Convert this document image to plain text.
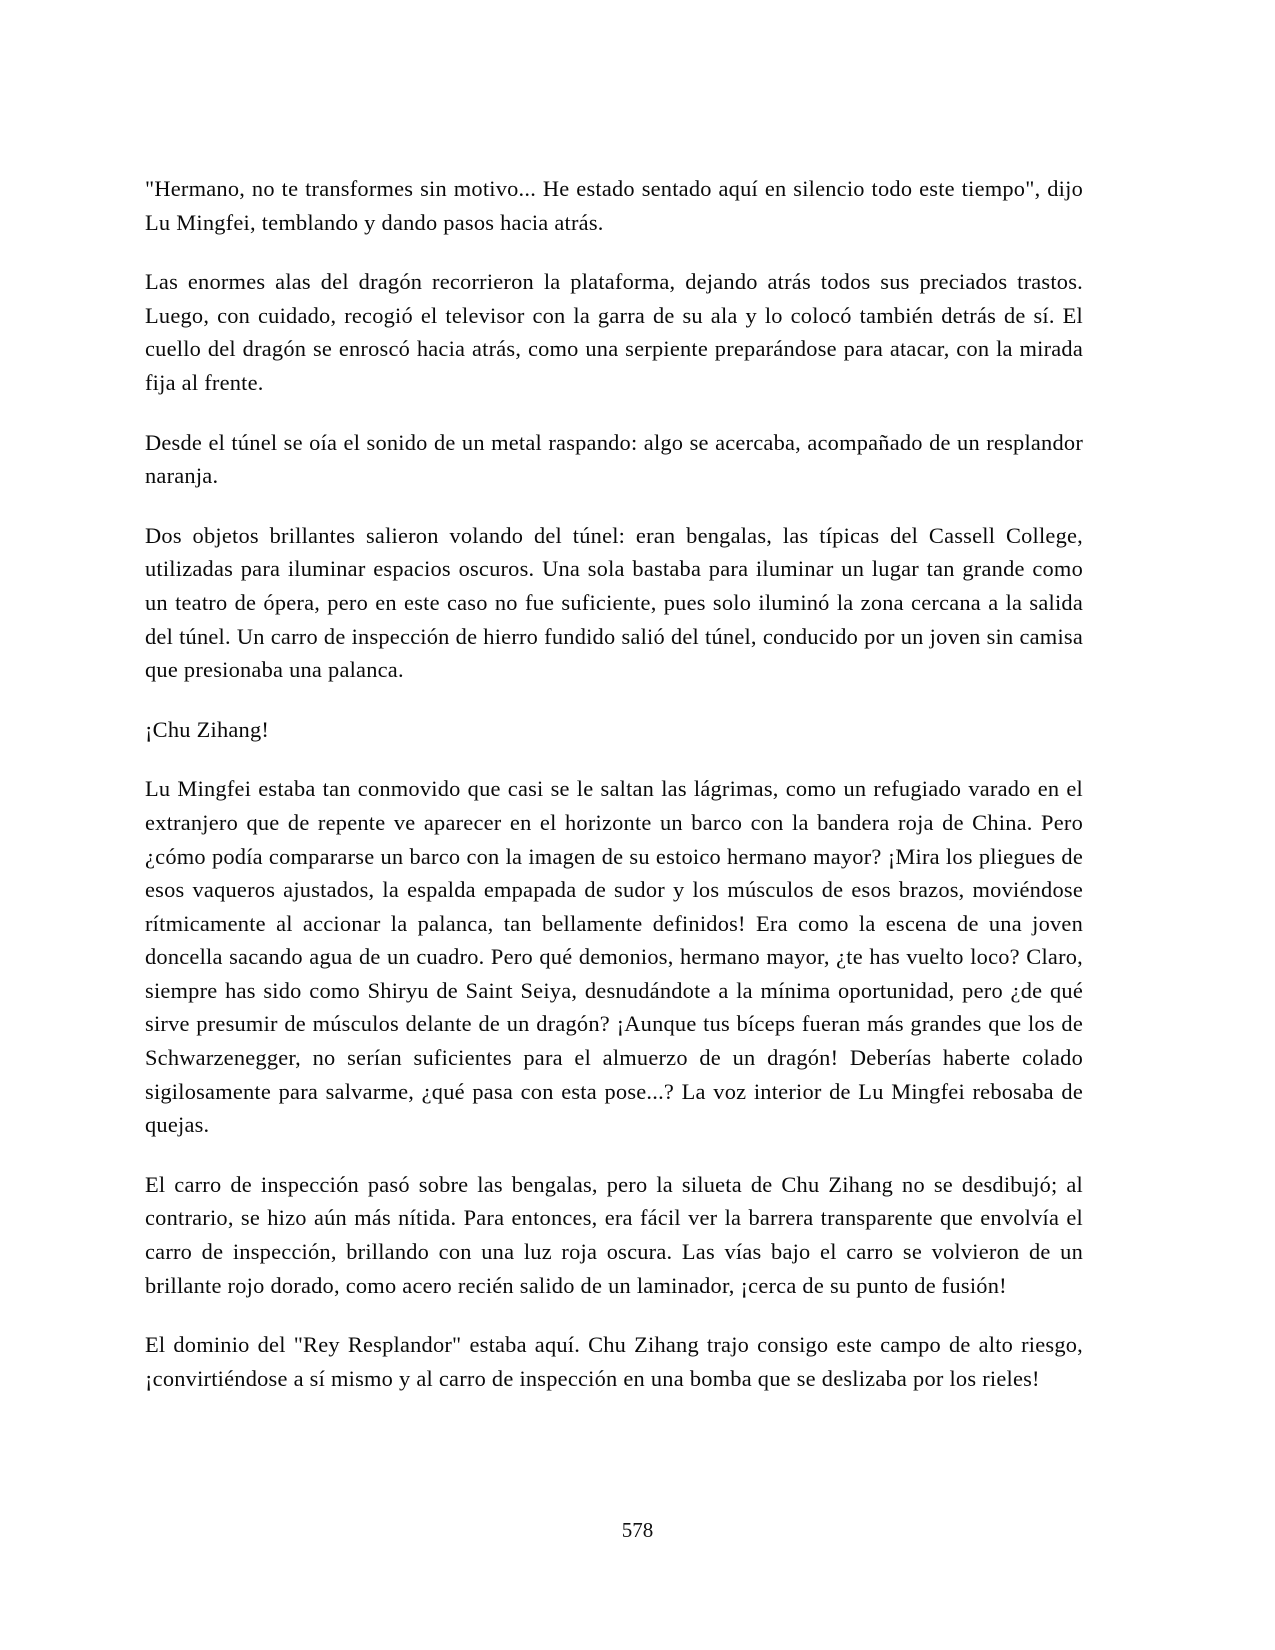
"Hermano, no te transformes sin motivo... He estado sentado aquí en silencio todo este tiempo", dijo Lu Mingfei, temblando y dando pasos hacia atrás.

Las enormes alas del dragón recorrieron la plataforma, dejando atrás todos sus preciados trastos. Luego, con cuidado, recogió el televisor con la garra de su ala y lo colocó también detrás de sí. El cuello del dragón se enroscó hacia atrás, como una serpiente preparándose para atacar, con la mirada fija al frente.

Desde el túnel se oía el sonido de un metal raspando: algo se acercaba, acompañado de un resplandor naranja.

Dos objetos brillantes salieron volando del túnel: eran bengalas, las típicas del Cassell College, utilizadas para iluminar espacios oscuros. Una sola bastaba para iluminar un lugar tan grande como un teatro de ópera, pero en este caso no fue suficiente, pues solo iluminó la zona cercana a la salida del túnel. Un carro de inspección de hierro fundido salió del túnel, conducido por un joven sin camisa que presionaba una palanca.

¡Chu Zihang!

Lu Mingfei estaba tan conmovido que casi se le saltan las lágrimas, como un refugiado varado en el extranjero que de repente ve aparecer en el horizonte un barco con la bandera roja de China. Pero ¿cómo podía compararse un barco con la imagen de su estoico hermano mayor? ¡Mira los pliegues de esos vaqueros ajustados, la espalda empapada de sudor y los músculos de esos brazos, moviéndose rítmicamente al accionar la palanca, tan bellamente definidos! Era como la escena de una joven doncella sacando agua de un cuadro. Pero qué demonios, hermano mayor, ¿te has vuelto loco? Claro, siempre has sido como Shiryu de Saint Seiya, desnudándote a la mínima oportunidad, pero ¿de qué sirve presumir de músculos delante de un dragón? ¡Aunque tus bíceps fueran más grandes que los de Schwarzenegger, no serían suficientes para el almuerzo de un dragón! Deberías haberte colado sigilosamente para salvarme, ¿qué pasa con esta pose...? La voz interior de Lu Mingfei rebosaba de quejas.

El carro de inspección pasó sobre las bengalas, pero la silueta de Chu Zihang no se desdibujó; al contrario, se hizo aún más nítida. Para entonces, era fácil ver la barrera transparente que envolvía el carro de inspección, brillando con una luz roja oscura. Las vías bajo el carro se volvieron de un brillante rojo dorado, como acero recién salido de un laminador, ¡cerca de su punto de fusión!

El dominio del "Rey Resplandor" estaba aquí. Chu Zihang trajo consigo este campo de alto riesgo, ¡convirtiéndose a sí mismo y al carro de inspección en una bomba que se deslizaba por los rieles!

578
